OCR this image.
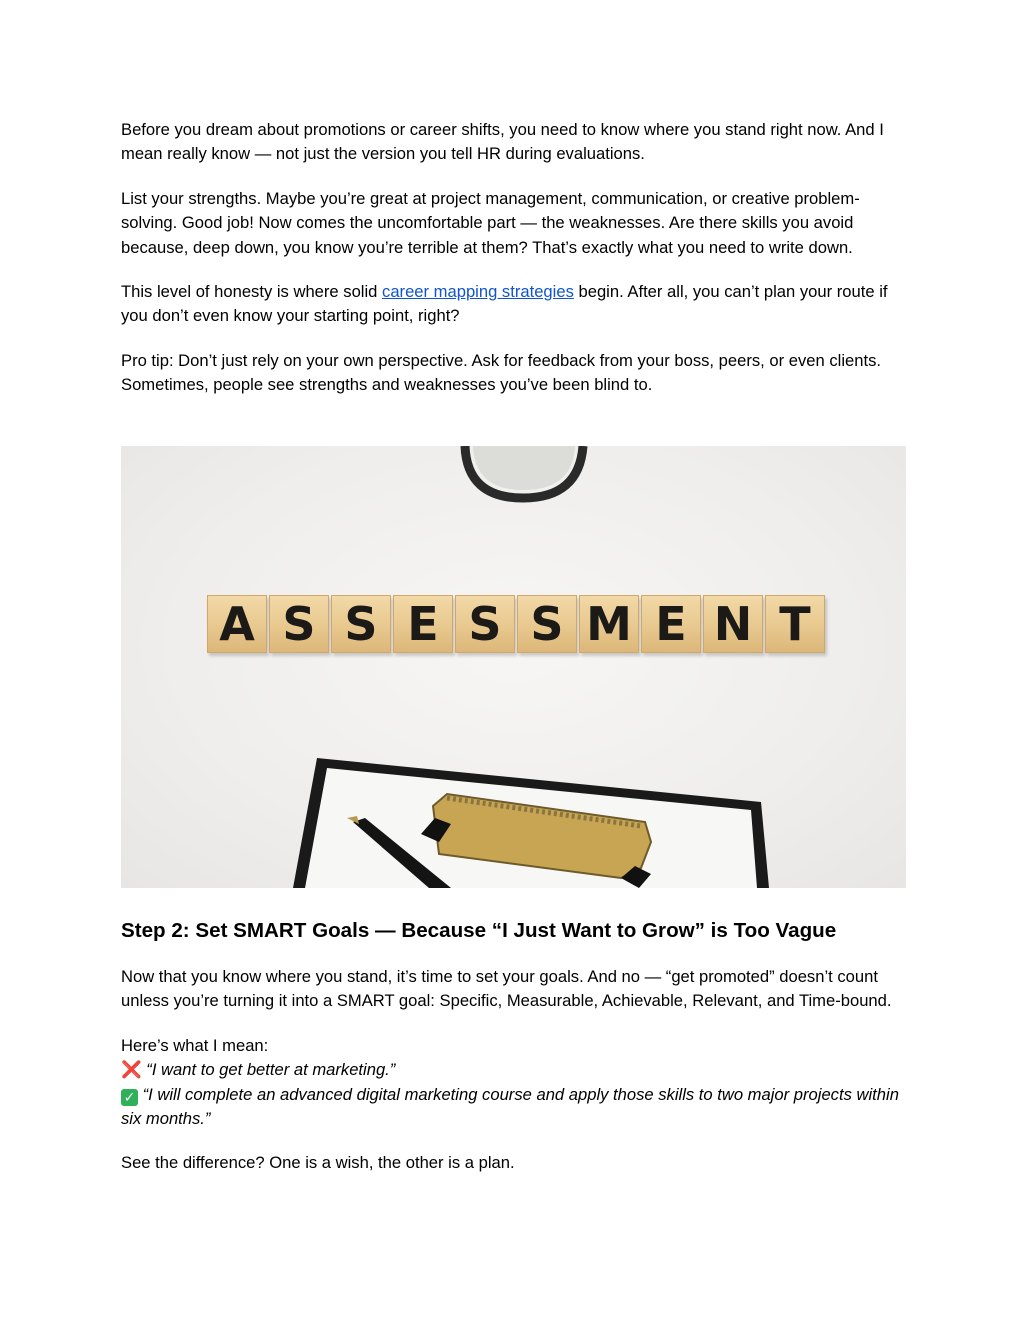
Before you dream about promotions or career shifts, you need to know where you stand right now. And I mean really know — not just the version you tell HR during evaluations.

List your strengths. Maybe you’re great at project management, communication, or creative problem-solving. Good job! Now comes the uncomfortable part — the weaknesses. Are there skills you avoid because, deep down, you know you’re terrible at them? That’s exactly what you need to write down.

This level of honesty is where solid career mapping strategies begin. After all, you can’t plan your route if you don’t even know your starting point, right?

Pro tip: Don’t just rely on your own perspective. Ask for feedback from your boss, peers, or even clients. Sometimes, people see strengths and weaknesses you’ve been blind to.

A S S E S S M E N T
Step 2: Set SMART Goals — Because “I Just Want to Grow” is Too Vague

Now that you know where you stand, it’s time to set your goals. And no — “get promoted” doesn’t count unless you’re turning it into a SMART goal: Specific, Measurable, Achievable, Relevant, and Time-bound.

Here’s what I mean:
❌ “I want to get better at marketing.”
✓ “I will complete an advanced digital marketing course and apply those skills to two major projects within six months.”

See the difference? One is a wish, the other is a plan.
